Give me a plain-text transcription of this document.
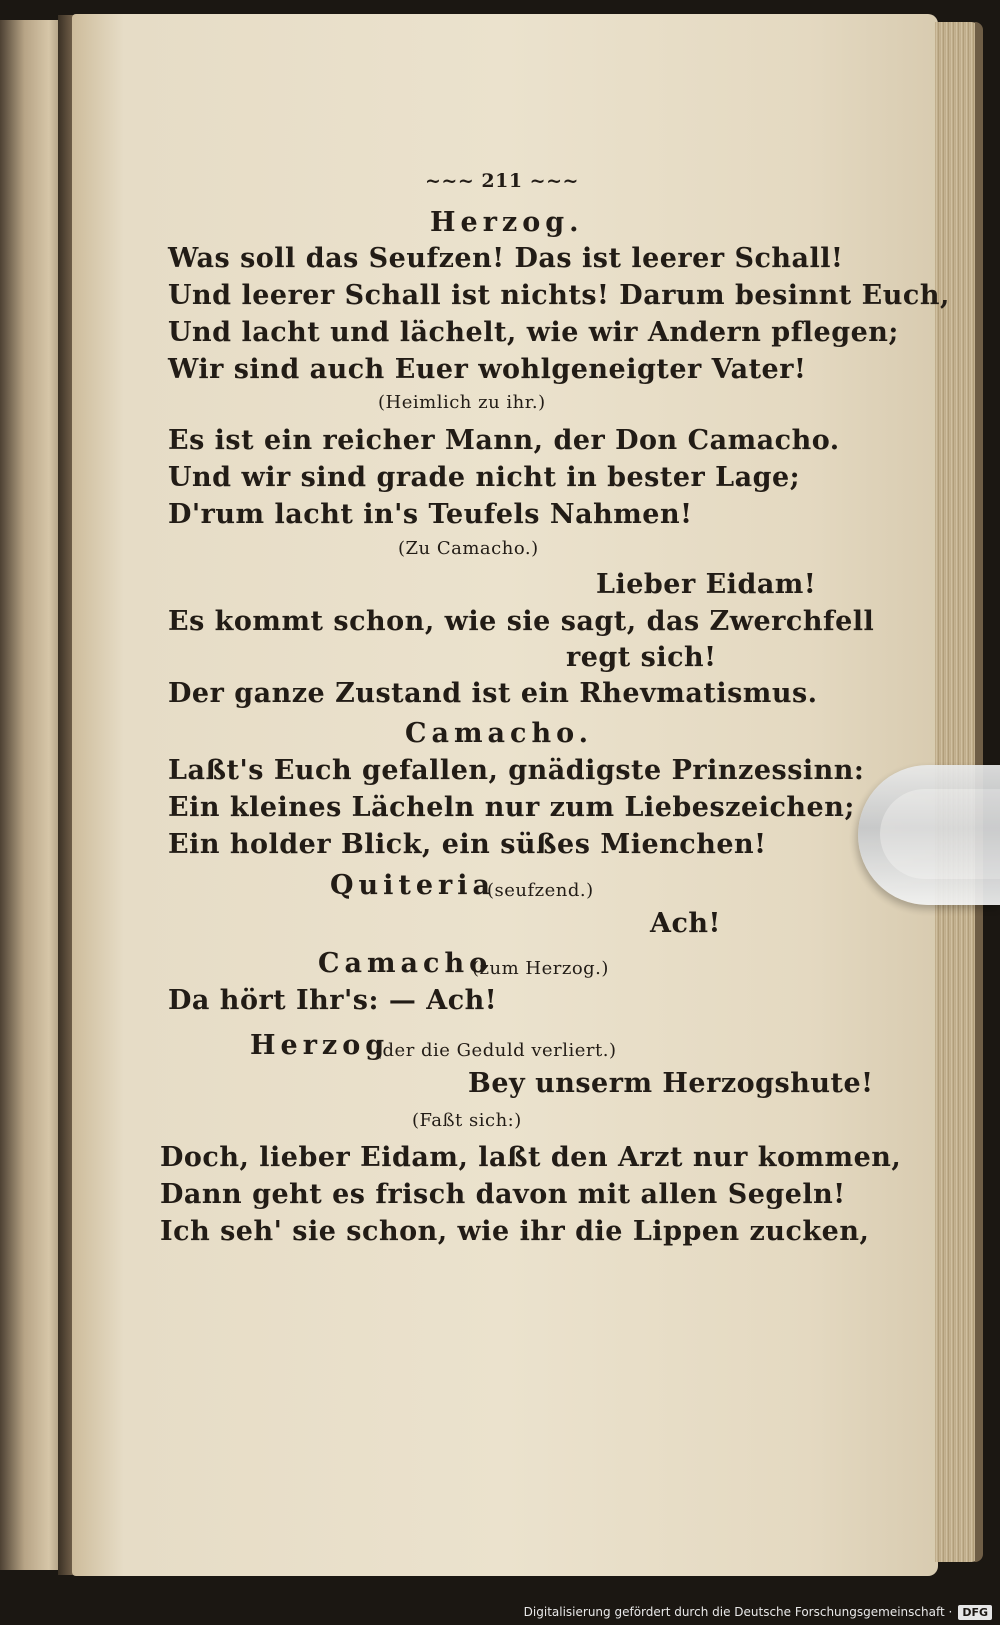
~~~ 211 ~~~
Herzog.
Was soll das Seufzen! Das ist leerer Schall!
Und leerer Schall ist nichts! Darum besinnt Euch,
Und lacht und lächelt, wie wir Andern pflegen;
Wir sind auch Euer wohlgeneigter Vater!
(Heimlich zu ihr.)
Es ist ein reicher Mann, der Don Camacho.
Und wir sind grade nicht in bester Lage;
D'rum lacht in's Teufels Nahmen!
(Zu Camacho.)
Lieber Eidam!
Es kommt schon, wie sie sagt, das Zwerchfell
regt sich!
Der ganze Zustand ist ein Rhevmatismus.
Camacho.
Laßt's Euch gefallen, gnädigste Prinzessinn:
Ein kleines Lächeln nur zum Liebeszeichen;
Ein holder Blick, ein süßes Mienchen!
Quiteria
(seufzend.)
Ach!
Camacho
(zum Herzog.)
Da hört Ihr's: — Ach!
Herzog
(der die Geduld verliert.)
Bey unserm Herzogshute!
(Faßt sich:)
Doch, lieber Eidam, laßt den Arzt nur kommen,
Dann geht es frisch davon mit allen Segeln!
Ich seh' sie schon, wie ihr die Lippen zucken,
Digitalisierung gefördert durch die Deutsche Forschungsgemeinschaft · DFG
